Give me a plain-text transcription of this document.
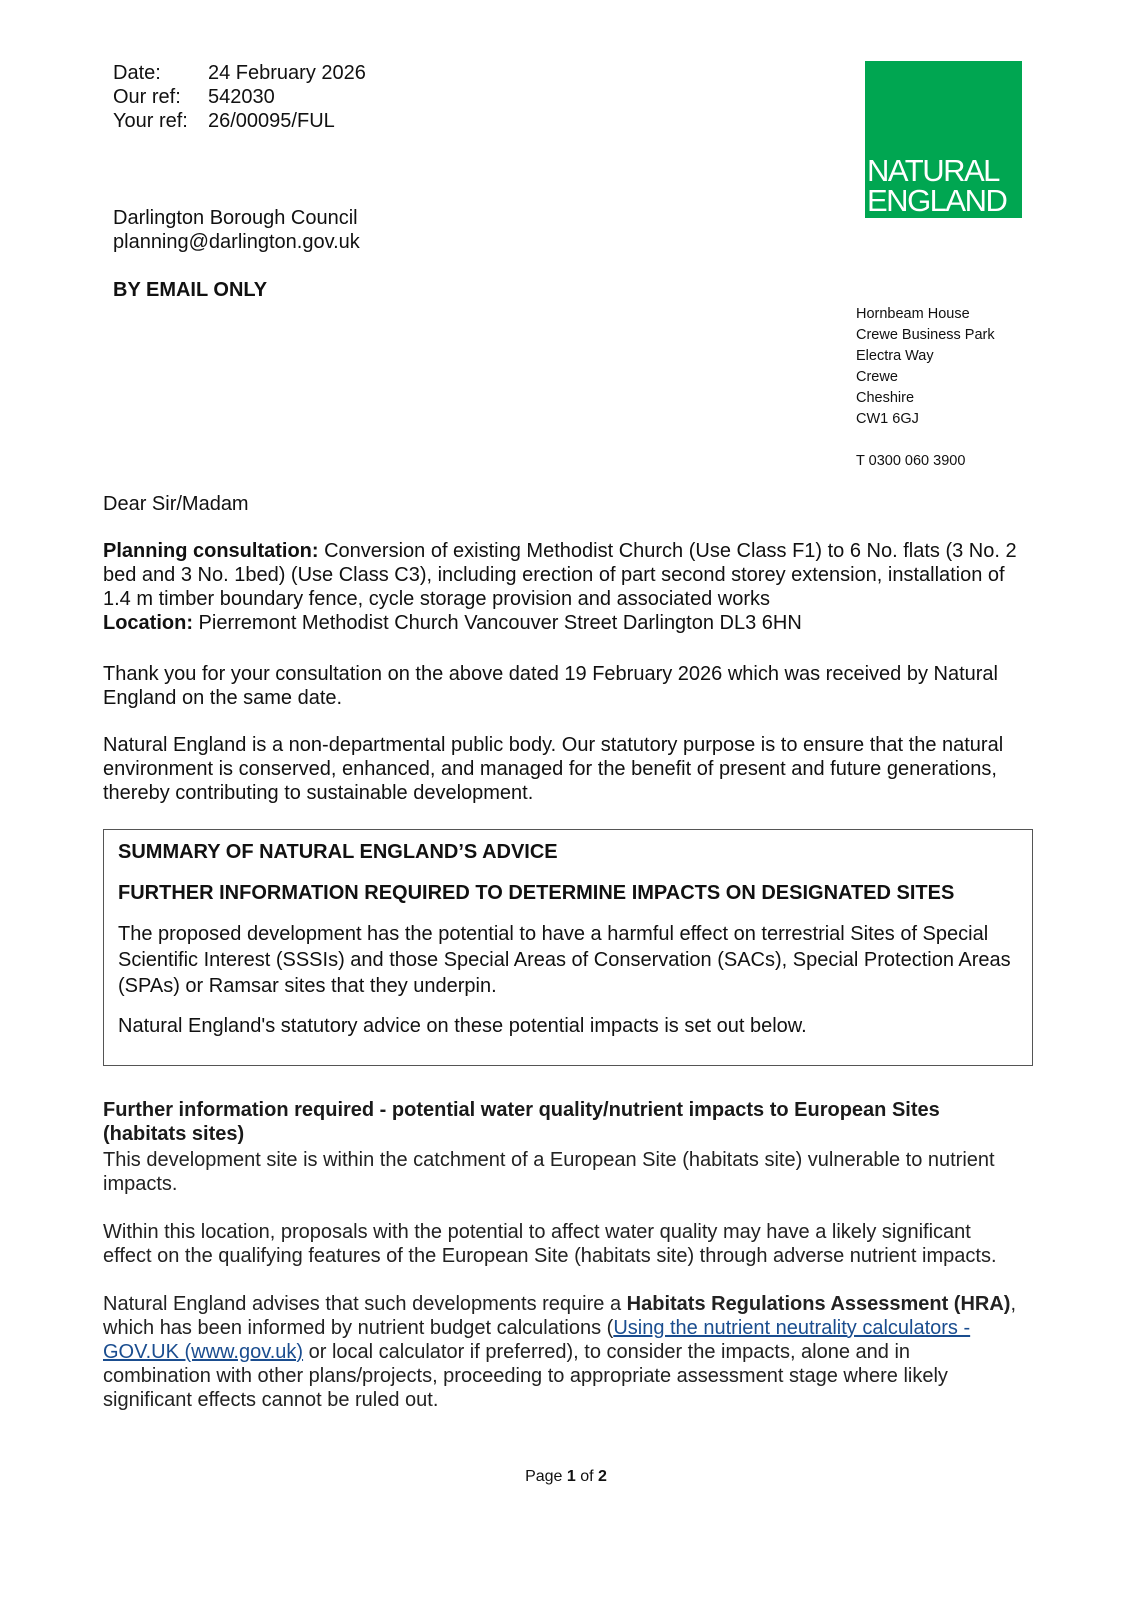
Date:	24 February 2026
Our ref:	542030
Your ref:	26/00095/FUL
Darlington Borough Council
planning@darlington.gov.uk
BY EMAIL ONLY
NATURAL
ENGLAND
Hornbeam House
Crewe Business Park
Electra Way
Crewe
Cheshire
CW1 6GJ
T 0300 060 3900
Dear Sir/Madam
Planning consultation: Conversion of existing Methodist Church (Use Class F1) to 6 No. flats (3 No. 2 bed and 3 No. 1bed) (Use Class C3), including erection of part second storey extension, installation of 1.4 m timber boundary fence, cycle storage provision and associated works
Location: Pierremont Methodist Church Vancouver Street Darlington DL3 6HN
Thank you for your consultation on the above dated 19 February 2026 which was received by Natural England on the same date.
Natural England is a non-departmental public body. Our statutory purpose is to ensure that the natural environment is conserved, enhanced, and managed for the benefit of present and future generations, thereby contributing to sustainable development.
SUMMARY OF NATURAL ENGLAND’S ADVICE
FURTHER INFORMATION REQUIRED TO DETERMINE IMPACTS ON DESIGNATED SITES

The proposed development has the potential to have a harmful effect on terrestrial Sites of Special Scientific Interest (SSSIs) and those Special Areas of Conservation (SACs), Special Protection Areas (SPAs) or Ramsar sites that they underpin.

Natural England's statutory advice on these potential impacts is set out below.

Further information required - potential water quality/nutrient impacts to European Sites (habitats sites)

This development site is within the catchment of a European Site (habitats site) vulnerable to nutrient impacts.

Within this location, proposals with the potential to affect water quality may have a likely significant effect on the qualifying features of the European Site (habitats site) through adverse nutrient impacts.

Natural England advises that such developments require a Habitats Regulations Assessment (HRA), which has been informed by nutrient budget calculations (Using the nutrient neutrality calculators - GOV.UK (www.gov.uk) or local calculator if preferred), to consider the impacts, alone and in combination with other plans/projects, proceeding to appropriate assessment stage where likely significant effects cannot be ruled out.

Page 1 of 2
